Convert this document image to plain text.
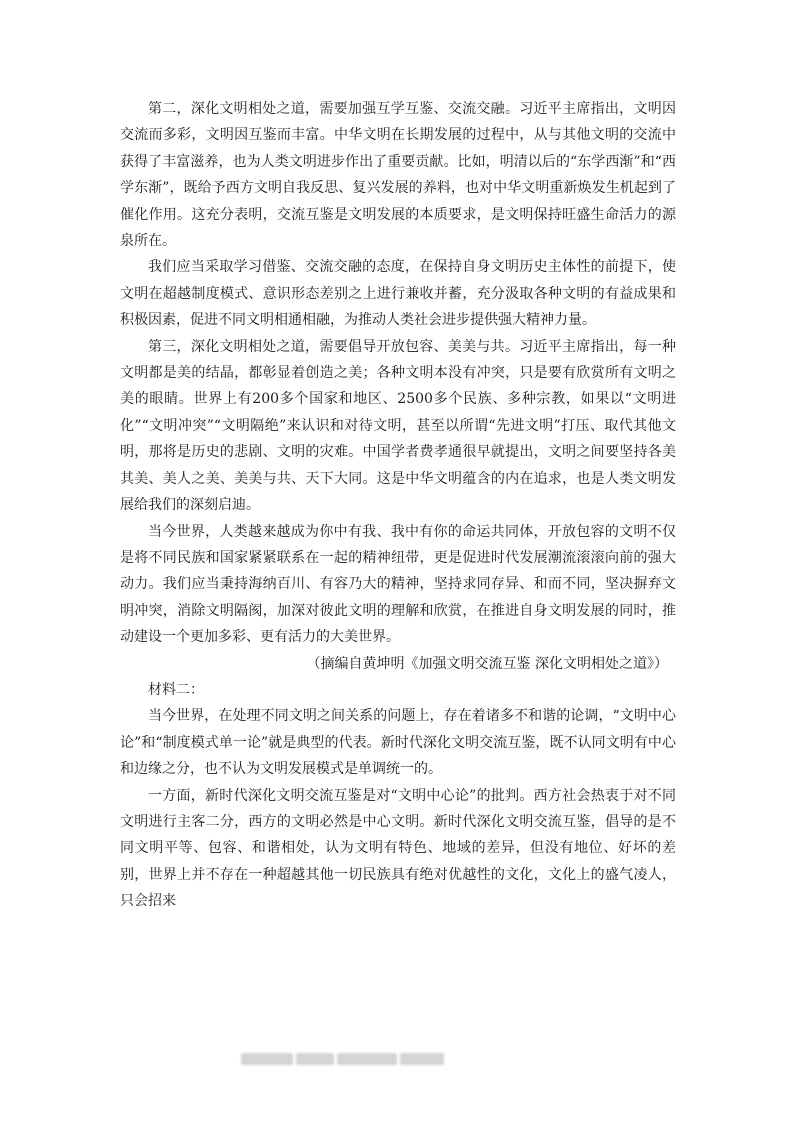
第二，深化文明相处之道，需要加强互学互鉴、交流交融。习近平主席指出，文明因交流而多彩，文明因互鉴而丰富。中华文明在长期发展的过程中，从与其他文明的交流中获得了丰富滋养，也为人类文明进步作出了重要贡献。比如，明清以后的“东学西渐”和“西学东渐”，既给予西方文明自我反思、复兴发展的养料，也对中华文明重新焕发生机起到了催化作用。这充分表明，交流互鉴是文明发展的本质要求，是文明保持旺盛生命活力的源泉所在。

我们应当采取学习借鉴、交流交融的态度，在保持自身文明历史主体性的前提下，使文明在超越制度模式、意识形态差别之上进行兼收并蓄，充分汲取各种文明的有益成果和积极因素，促进不同文明相通相融，为推动人类社会进步提供强大精神力量。

第三，深化文明相处之道，需要倡导开放包容、美美与共。习近平主席指出，每一种文明都是美的结晶，都彰显着创造之美；各种文明本没有冲突，只是要有欣赏所有文明之美的眼睛。世界上有200多个国家和地区、2500多个民族、多种宗教，如果以“文明进化”“文明冲突”“文明隔绝”来认识和对待文明，甚至以所谓“先进文明”打压、取代其他文明，那将是历史的悲剧、文明的灾难。中国学者费孝通很早就提出，文明之间要坚持各美其美、美人之美、美美与共、天下大同。这是中华文明蕴含的内在追求，也是人类文明发展给我们的深刻启迪。

当今世界，人类越来越成为你中有我、我中有你的命运共同体，开放包容的文明不仅是将不同民族和国家紧紧联系在一起的精神纽带，更是促进时代发展潮流滚滚向前的强大动力。我们应当秉持海纳百川、有容乃大的精神，坚持求同存异、和而不同，坚决摒弃文明冲突，消除文明隔阂，加深对彼此文明的理解和欣赏，在推进自身文明发展的同时，推动建设一个更加多彩、更有活力的大美世界。

（摘编自黄坤明《加强文明交流互鉴 深化文明相处之道》）

材料二：

当今世界，在处理不同文明之间关系的问题上，存在着诸多不和谐的论调，“文明中心论”和“制度模式单一论”就是典型的代表。新时代深化文明交流互鉴，既不认同文明有中心和边缘之分，也不认为文明发展模式是单调统一的。

一方面，新时代深化文明交流互鉴是对“文明中心论”的批判。西方社会热衷于对不同文明进行主客二分，西方的文明必然是中心文明。新时代深化文明交流互鉴，倡导的是不同文明平等、包容、和谐相处，认为文明有特色、地域的差异，但没有地位、好坏的差别，世界上并不存在一种超越其他一切民族具有绝对优越性的文化，文化上的盛气凌人，只会招来
